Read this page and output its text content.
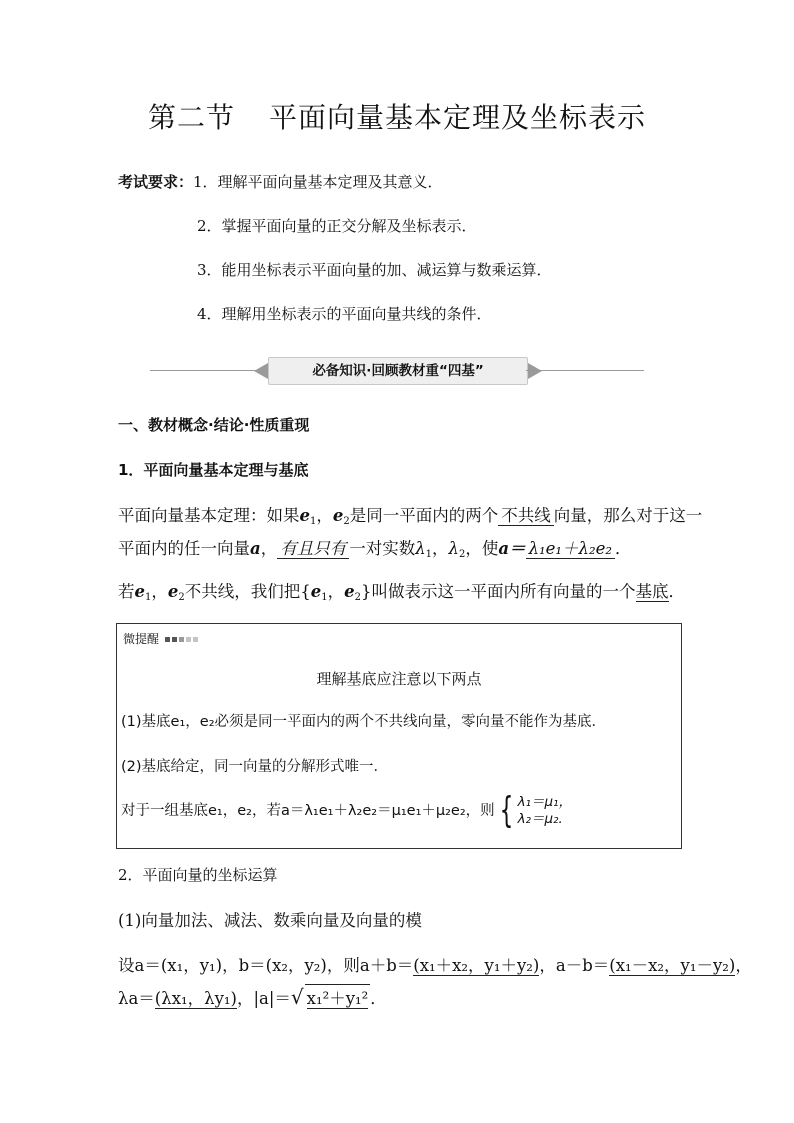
第二节 平面向量基本定理及坐标表示
考试要求：1．理解平面向量基本定理及其意义．
2．掌握平面向量的正交分解及坐标表示．
3．能用坐标表示平面向量的加、减运算与数乘运算．
4．理解用坐标表示的平面向量共线的条件．
必备知识·回顾教材重“四基”
一、教材概念·结论·性质重现
1．平面向量基本定理与基底
平面向量基本定理：如果$e_1$，$e_2$是同一平面内的两个 不共线 向量，那么对于这一
平面内的任一向量a， 有且只有 一对实数$\lambda_1$，$\lambda_2$，使a＝ λ₁e₁＋λ₂e₂ ．
若$e_1$，$e_2$不共线，我们把{$e_1$，$e_2$}叫做表示这一平面内所有向量的一个基底．
微提醒
理解基底应注意以下两点
(1)基底e₁，e₂必须是同一平面内的两个不共线向量，零向量不能作为基底．
(2)基底给定，同一向量的分解形式唯一．
对于一组基底e₁，e₂，若a＝λ₁e₁＋λ₂e₂＝μ₁e₁＋μ₂e₂，则 { λ₁＝μ₁，
λ₂＝μ₂.
2．平面向量的坐标运算
(1)向量加法、减法、数乘向量及向量的模
设a＝(x₁，y₁)，b＝(x₂，y₂)，则a＋b＝(x₁＋x₂，y₁＋y₂)，a－b＝(x₁－x₂，y₁－y₂)，
λa＝(λx₁，λy₁)，|a|＝√ x₁²＋y₁² ．
